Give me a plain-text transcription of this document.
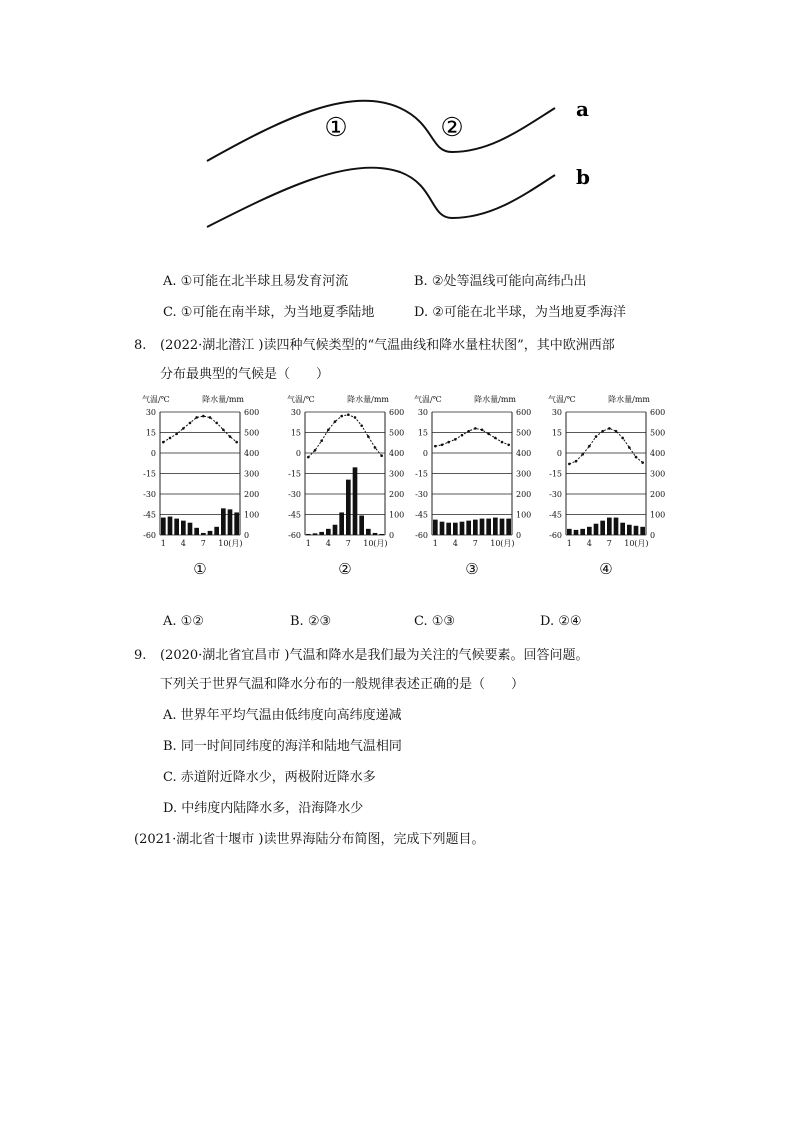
①	②
a
b
A. ①可能在北半球且易发育河流	B. ②处等温线可能向高纬凸出
C. ①可能在南半球，为当地夏季陆地	D. ②可能在北半球，为当地夏季海洋
8. (2022·湖北潜江 )读四种气候类型的“气温曲线和降水量柱状图”，其中欧洲西部
分布最典型的气候是（　　）
气温/℃	降水量/mm
30	600
15	500
0	400
-15	300
-30	200
-45	100
-60	0
1 4 7 10 (月)
①
气温/℃	降水量/mm
30	600
15	500
0	400
-15	300
-30	200
-45	100
-60	0
1 4 7 10 (月)
②
气温/℃	降水量/mm
30	600
15	500
0	400
-15	300
-30	200
-45	100
-60	0
1 4 7 10 (月)
③
气温/℃	降水量/mm
30	600
15	500
0	400
-15	300
-30	200
-45	100
-60	0
1 4 7 10 (月)
④
A. ①②	B. ②③	C. ①③	D. ②④
9. (2020·湖北省宜昌市 )气温和降水是我们最为关注的气候要素。回答问题。
下列关于世界气温和降水分布的一般规律表述正确的是（　　）
A. 世界年平均气温由低纬度向高纬度递减
B. 同一时间同纬度的海洋和陆地气温相同
C. 赤道附近降水少，两极附近降水多
D. 中纬度内陆降水多，沿海降水少
(2021·湖北省十堰市 )读世界海陆分布简图，完成下列题目。
